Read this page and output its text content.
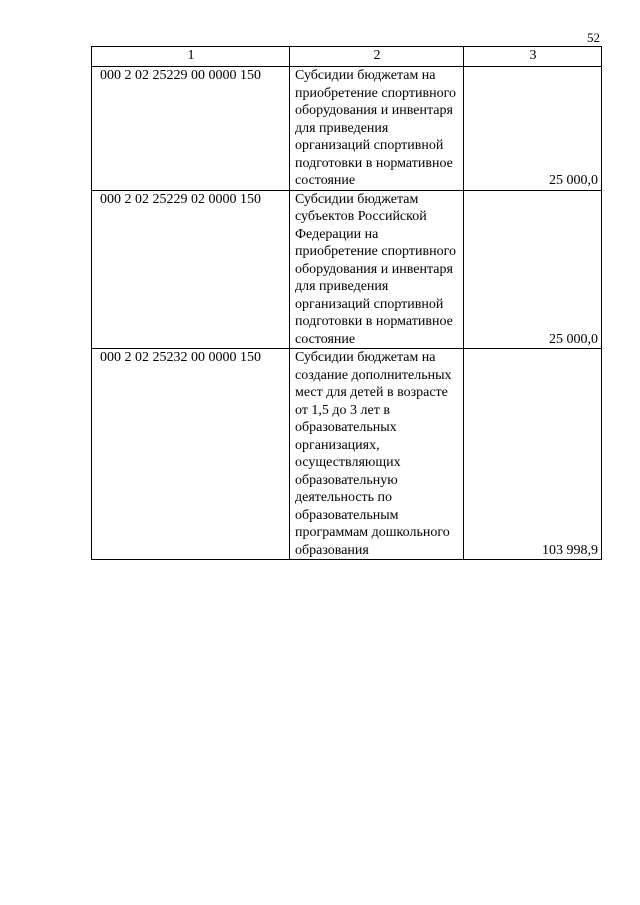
52
1	2	3
000 2 02 25229 00 0000 150	Субсидии бюджетам на приобретение спортивного оборудования и инвентаря для приведения организаций спортивной подготовки в нормативное состояние	25 000,0
000 2 02 25229 02 0000 150	Субсидии бюджетам субъектов Российской Федерации на приобретение спортивного оборудования и инвентаря для приведения организаций спортивной подготовки в нормативное состояние	25 000,0
000 2 02 25232 00 0000 150	Субсидии бюджетам на создание дополнительных мест для детей в возрасте от 1,5 до 3 лет в образовательных организациях, осуществляющих образовательную деятельность по образовательным программам дошкольного образования	103 998,9
